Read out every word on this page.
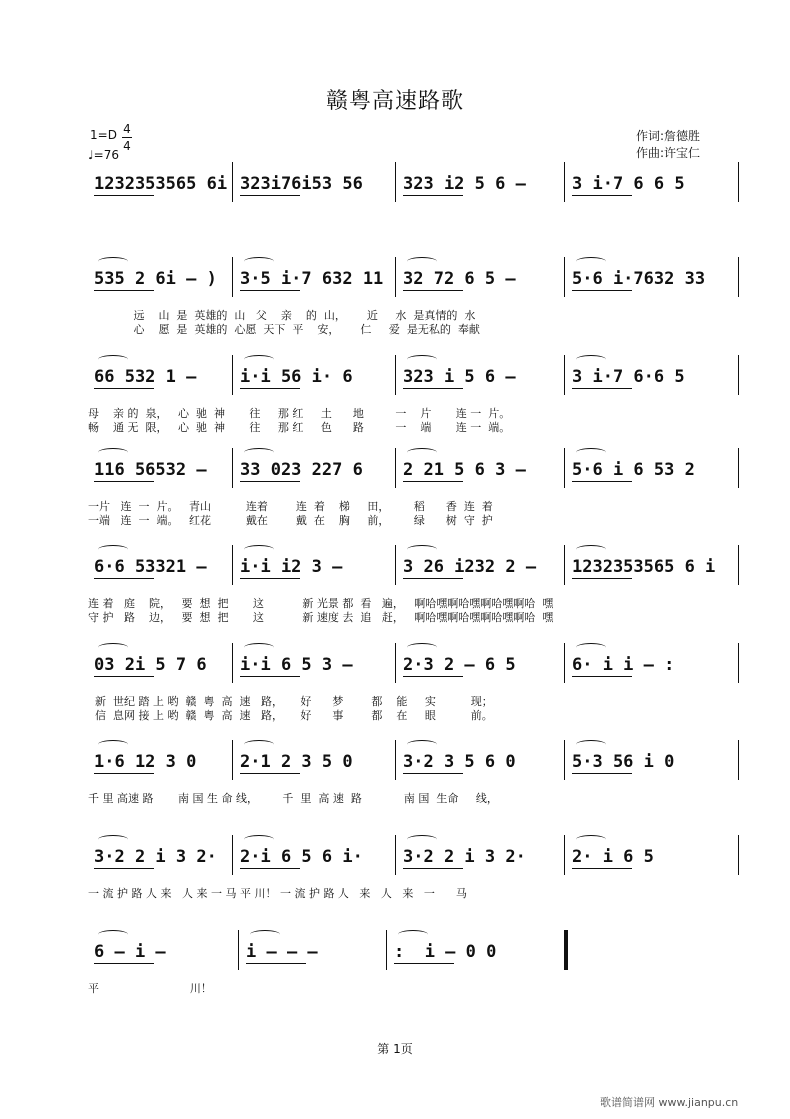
赣粤高速路歌
1=D 4
4
♩=76
作词:詹德胜
作曲:许宝仁
1232353565 6i 323i76i53 56	323 i2 5 6 –	3 i·7 6 6 5
535 2 6i – )	3·5 i·7 632 11	32 72 6 5 –	5·6 i·7632 33
远    山  是  英雄的  山   父    亲    的  山，      近     水  是真情的  水
心    愿  是  英雄的  心愿  天下  平    安，      仁     爱  是无私的  奉献
66 532 1 –	i·i 56 i· 6	323 i 5 6 –	3 i·7 6·6 5
母    亲 的  泉，   心  驰  神       往     那 红     土      地         一    片       连 一  片。
畅    通 无  限，   心  驰  神       往     那 红     色      路         一    端       连 一  端。
116 56532 –	33 023 227 6	2 21 5 6 3 –	5·6 i 6 53 2
一片   连  一  片。   青山          连着        连  着    梯     田，       稻      香  连  着
一端   连  一  端。   红花          戴在        戴  在    胸     前，       绿      树  守  护
6·6 53321 –	i·i i2 3 –	3 26 i232 2 –	1232353565 6 i
连 着   庭    院，   要  想  把       这           新 光景 都  看   遍，   啊哈嘿啊哈嘿啊哈嘿啊哈  嘿
守 护   路    边，   要  想  把       这           新 速度 去  追   赶，   啊哈嘿啊哈嘿啊哈嘿啊哈  嘿
03 2i 5 7 6	i·i 6 5 3 –	2·3 2 – 6 5	6· i i – :
新  世纪 踏 上 哟  赣  粤  高  速   路，     好      梦        都    能     实          现；
信  息网 接 上 哟  赣  粤  高  速   路，     好      事        都    在     眼          前。
1·6 12 3 0	2·1 2 3 5 0	3·2 3 5 6 0	5·3 56 i 0
千 里 高速 路       南 国 生 命 线，       千  里  高 速  路            南 国  生命     线，
3·2 2 i 3 2·	2·i 6 5 6 i·	3·2 2 i 3 2·	2· i 6 5
一 流 护 路 人 来   人 来 一 马 平 川！ 一 流 护 路 人   来   人   来   一      马
6 – i –	i – – –	:  i – 0 0
平                          川！
第 1页
歌谱简谱网 www.jianpu.cn
